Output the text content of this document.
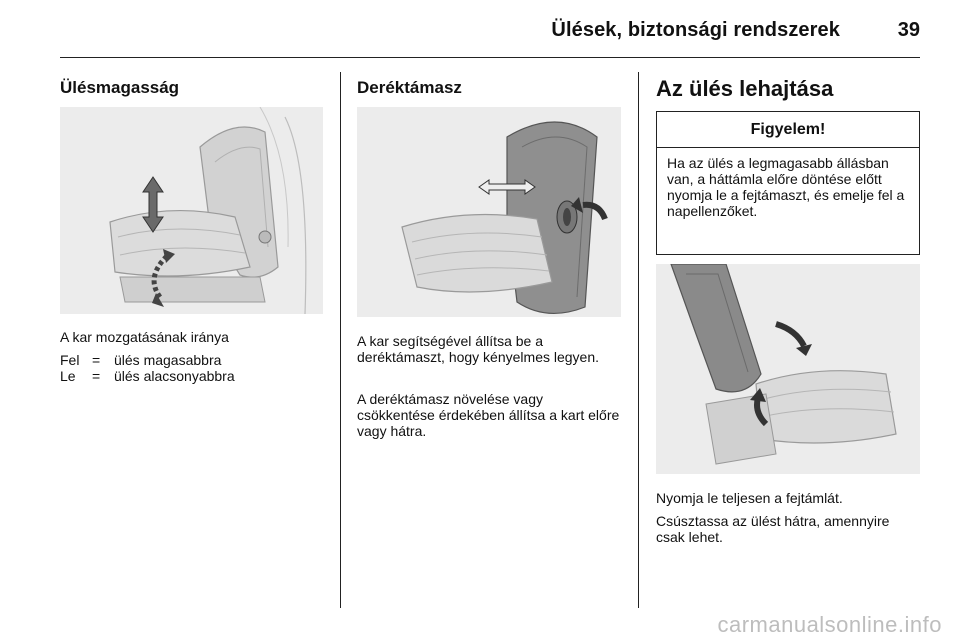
Ülések, biztonsági rendszerek	39
Ülésmagasság
A kar mozgatásának iránya
Fel = ülés magasabbra
Le	= ülés alacsonyabbra
Deréktámasz
A kar segítségével állítsa be a deréktámaszt, hogy kényelmes legyen.
A deréktámasz növelése vagy csökkentése érdekében állítsa a kart előre vagy hátra.
Az ülés lehajtása
Figyelem!
Ha az ülés a legmagasabb állásban van, a háttámla előre döntése előtt nyomja le a fejtámaszt, és emelje fel a napellenzőket.
Nyomja le teljesen a fejtámlát.
Csúsztassa az ülést hátra, amennyire csak lehet.
carmanualsonline.info
